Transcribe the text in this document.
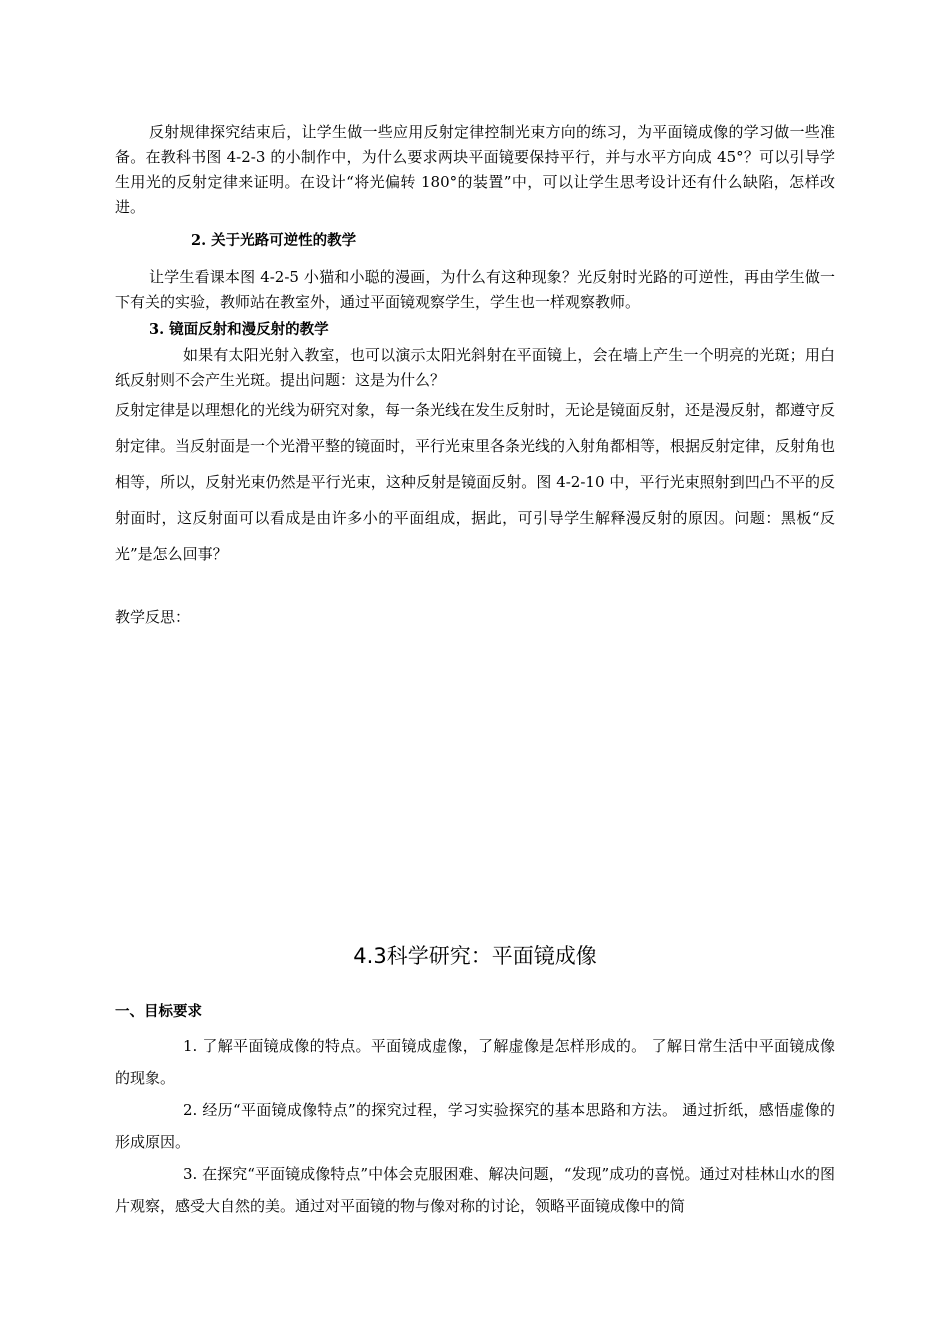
反射规律探究结束后，让学生做一些应用反射定律控制光束方向的练习，为平面镜成像的学习做一些准备。在教科书图 4-2-3 的小制作中，为什么要求两块平面镜要保持平行，并与水平方向成 45°？可以引导学生用光的反射定律来证明。在设计“将光偏转 180°的装置”中，可以让学生思考设计还有什么缺陷，怎样改进。

2. 关于光路可逆性的教学

让学生看课本图 4-2-5 小猫和小聪的漫画，为什么有这种现象？光反射时光路的可逆性，再由学生做一下有关的实验，教师站在教室外，通过平面镜观察学生，学生也一样观察教师。

3. 镜面反射和漫反射的教学

如果有太阳光射入教室，也可以演示太阳光斜射在平面镜上，会在墙上产生一个明亮的光斑；用白纸反射则不会产生光斑。提出问题：这是为什么？

反射定律是以理想化的光线为研究对象，每一条光线在发生反射时，无论是镜面反射，还是漫反射，都遵守反射定律。当反射面是一个光滑平整的镜面时，平行光束里各条光线的入射角都相等，根据反射定律，反射角也相等，所以，反射光束仍然是平行光束，这种反射是镜面反射。图 4-2-10 中，平行光束照射到凹凸不平的反射面时，这反射面可以看成是由许多小的平面组成，据此，可引导学生解释漫反射的原因。问题：黑板“反光”是怎么回事？

教学反思：

4.3科学研究：平面镜成像

一、目标要求

1. 了解平面镜成像的特点。平面镜成虚像，了解虚像是怎样形成的。 了解日常生活中平面镜成像的现象。

2. 经历“平面镜成像特点”的探究过程，学习实验探究的基本思路和方法。 通过折纸，感悟虚像的形成原因。

3. 在探究“平面镜成像特点”中体会克服困难、解决问题，“发现”成功的喜悦。通过对桂林山水的图片观察，感受大自然的美。通过对平面镜的物与像对称的讨论，领略平面镜成像中的简
